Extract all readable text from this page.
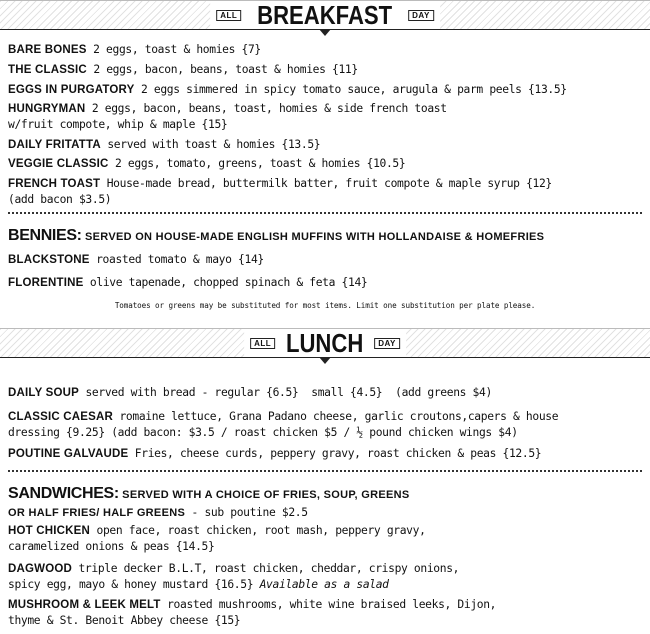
ALL BREAKFAST	DAY
BARE BONES 2 eggs, toast & homies {7}
THE CLASSIC 2 eggs, bacon, beans, toast & homies {11}
EGGS IN PURGATORY 2 eggs simmered in spicy tomato sauce, arugula & parm peels {13.5}
HUNGRYMAN 2 eggs, bacon, beans, toast, homies & side french toast
w/fruit compote, whip & maple {15}
DAILY FRITATTA served with toast & homies {13.5}
VEGGIE CLASSIC 2 eggs, tomato, greens, toast & homies {10.5}
FRENCH TOAST House-made bread, buttermilk batter, fruit compote & maple syrup {12}
(add bacon $3.5)
BENNIES: SERVED ON HOUSE-MADE ENGLISH MUFFINS WITH HOLLANDAISE & HOMEFRIES
BLACKSTONE roasted tomato & mayo {14}
FLORENTINE olive tapenade, chopped spinach & feta {14}
Tomatoes or greens may be substituted for most items. Limit one substitution per plate please.
ALL LUNCH	DAY
DAILY SOUP served with bread - regular {6.5}  small {4.5}  (add greens $4)
CLASSIC CAESAR romaine lettuce, Grana Padano cheese, garlic croutons,capers & house
dressing {9.25} (add bacon: $3.5 / roast chicken $5 / ½ pound chicken wings $4)
POUTINE GALVAUDE Fries, cheese curds, peppery gravy, roast chicken & peas {12.5}
SANDWICHES: SERVED WITH A CHOICE OF FRIES, SOUP, GREENS
OR HALF FRIES/ HALF GREENS - sub poutine $2.5
HOT CHICKEN open face, roast chicken, root mash, peppery gravy,
caramelized onions & peas {14.5}
DAGWOOD triple decker B.L.T, roast chicken, cheddar, crispy onions,
spicy egg, mayo & honey mustard {16.5} Available as a salad
MUSHROOM & LEEK MELT roasted mushrooms, white wine braised leeks, Dijon,
thyme & St. Benoit Abbey cheese {15}
